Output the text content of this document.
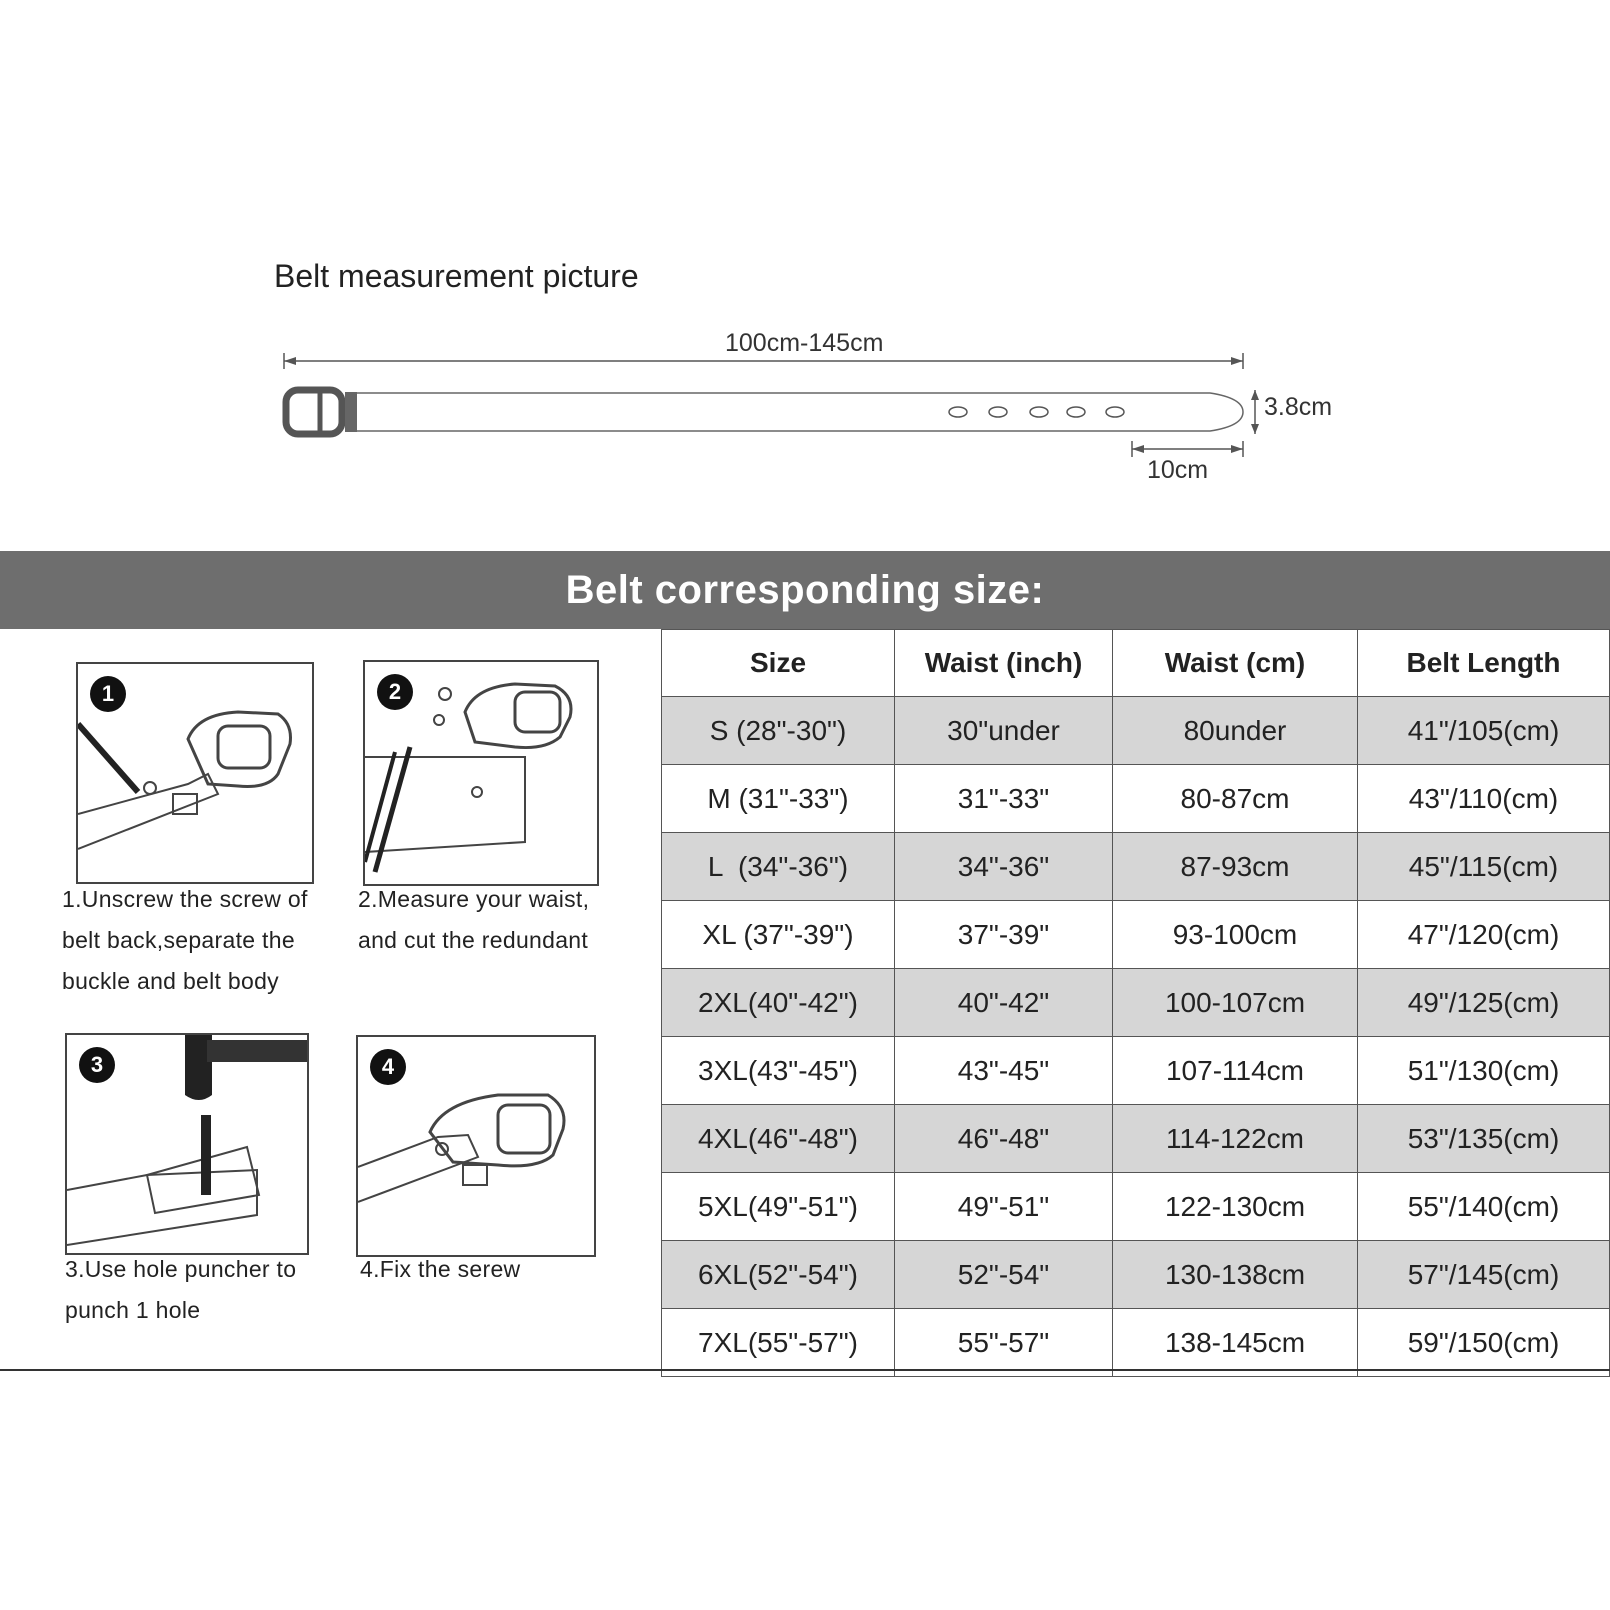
Belt measurement picture
100cm-145cm
3.8cm
10cm
Belt corresponding size:
1
1.Unscrew the screw of
belt back,separate the
buckle and belt body
2
2.Measure your waist,
and cut the redundant
3
3.Use hole puncher to
punch 1 hole
4
4.Fix the serew
Size	Waist (inch)	Waist (cm)	Belt Length
S (28"-30")	30"under	80under	41"/105(cm)
M (31"-33")	31"-33"	80-87cm	43"/110(cm)
L  (34"-36")	34"-36"	87-93cm	45"/115(cm)
XL (37"-39")	37"-39"	93-100cm	47"/120(cm)
2XL(40"-42")	40"-42"	100-107cm	49"/125(cm)
3XL(43"-45")	43"-45"	107-114cm	51"/130(cm)
4XL(46"-48")	46"-48"	114-122cm	53"/135(cm)
5XL(49"-51")	49"-51"	122-130cm	55"/140(cm)
6XL(52"-54")	52"-54"	130-138cm	57"/145(cm)
7XL(55"-57")	55"-57"	138-145cm	59"/150(cm)
